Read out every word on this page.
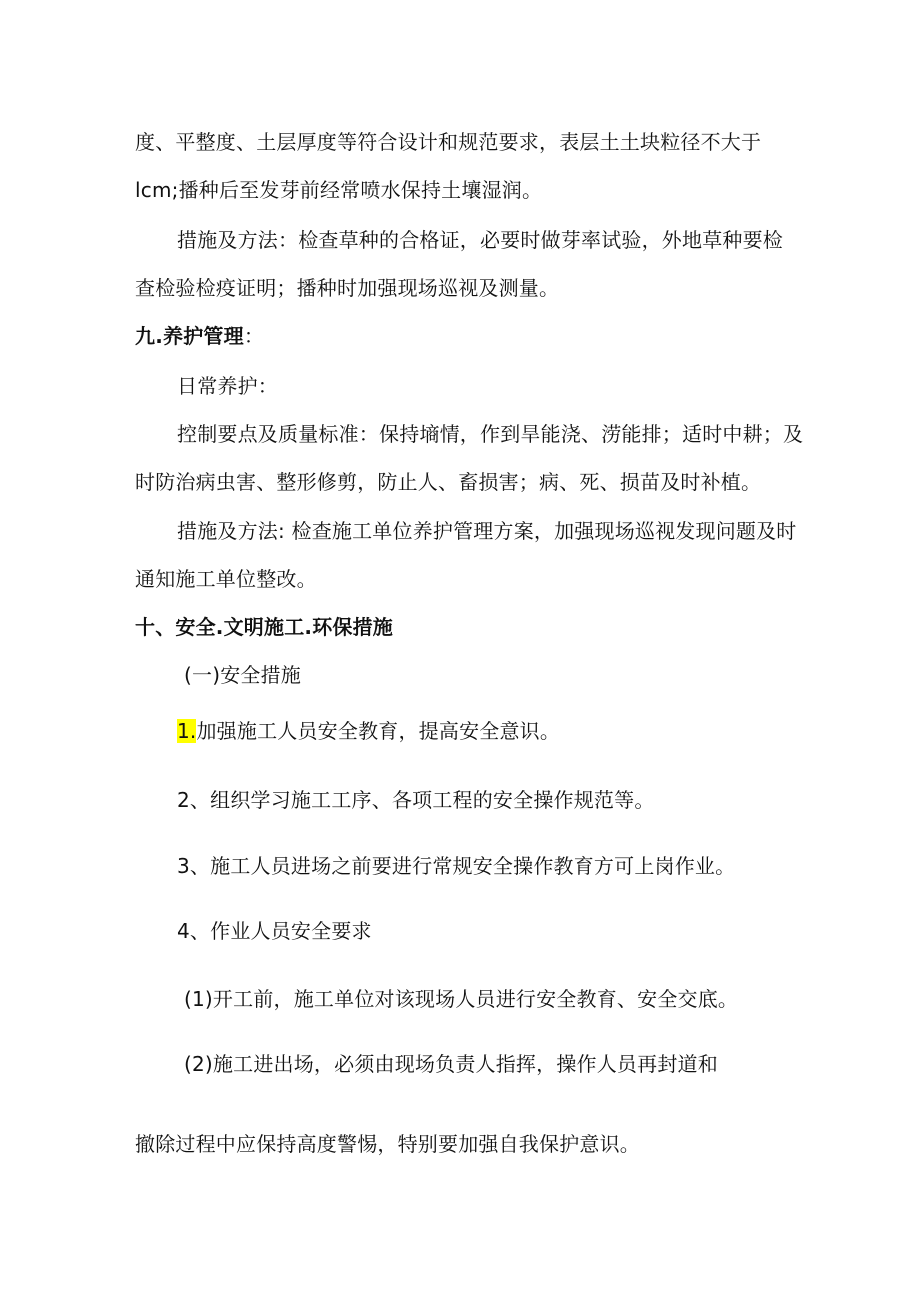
度、平整度、土层厚度等符合设计和规范要求，表层土土块粒径不大于
lcm;播种后至发芽前经常喷水保持土壤湿润。
措施及方法：检查草种的合格证，必要时做芽率试验，外地草种要检
查检验检疫证明；播种时加强现场巡视及测量。
九.养护管理：
日常养护：
控制要点及质量标准：保持墒情，作到旱能浇、涝能排；适时中耕；及
时防治病虫害、整形修剪，防止人、畜损害；病、死、损苗及时补植。
措施及方法: 检查施工单位养护管理方案，加强现场巡视发现问题及时
通知施工单位整改。
十、安全.文明施工.环保措施
(一)安全措施
1.加强施工人员安全教育，提高安全意识。
2、组织学习施工工序、各项工程的安全操作规范等。
3、施工人员进场之前要进行常规安全操作教育方可上岗作业。
4、作业人员安全要求
(1)开工前，施工单位对该现场人员进行安全教育、安全交底。
(2)施工进出场，必须由现场负责人指挥，操作人员再封道和
撤除过程中应保持高度警惕，特别要加强自我保护意识。
